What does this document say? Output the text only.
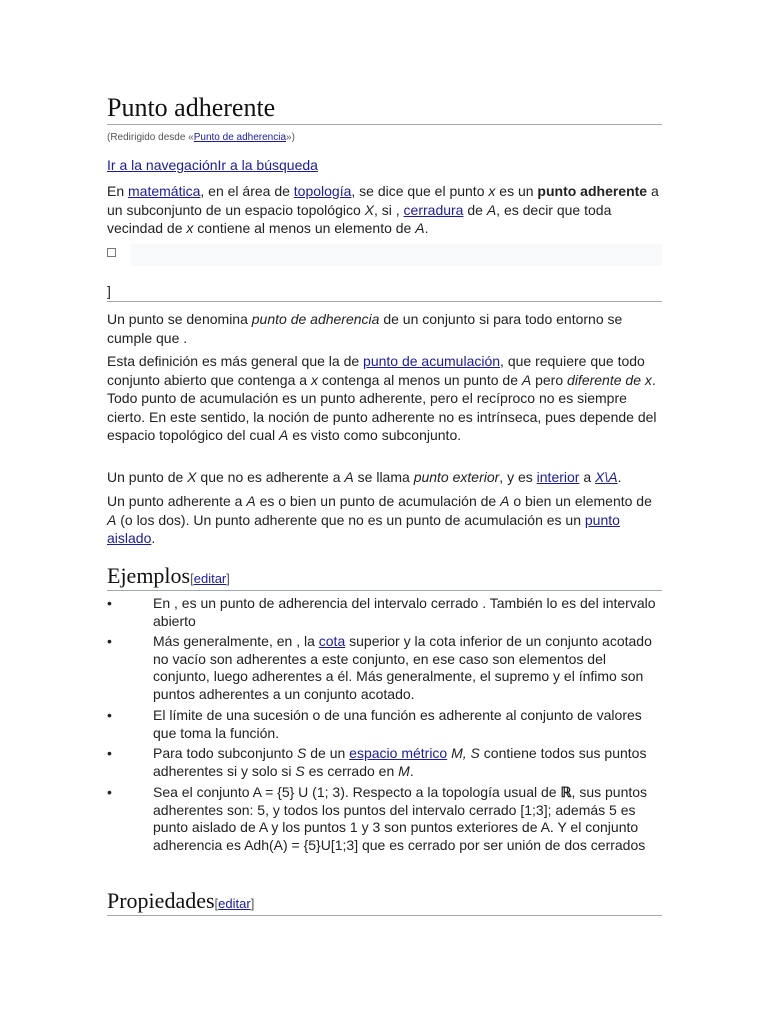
Punto adherente
(Redirigido desde «Punto de adherencia»)
Ir a la navegaciónIr a la búsqueda
En matemática, en el área de topología, se dice que el punto x es un punto adherente a un subconjunto de un espacio topológico X, si , cerradura de A, es decir que toda vecindad de x contiene al menos un elemento de A.
]
Un punto se denomina punto de adherencia de un conjunto si para todo entorno se cumple que .
Esta definición es más general que la de punto de acumulación, que requiere que todo conjunto abierto que contenga a x contenga al menos un punto de A pero diferente de x. Todo punto de acumulación es un punto adherente, pero el recíproco no es siempre cierto. En este sentido, la noción de punto adherente no es intrínseca, pues depende del espacio topológico del cual A es visto como subconjunto.
Un punto de X que no es adherente a A se llama punto exterior, y es interior a X\A.
Un punto adherente a A es o bien un punto de acumulación de A o bien un elemento de A (o los dos). Un punto adherente que no es un punto de acumulación es un punto aislado.
Ejemplos[editar]
•	En , es un punto de adherencia del intervalo cerrado . También lo es del intervalo abierto
•	Más generalmente, en , la cota superior y la cota inferior de un conjunto acotado no vacío son adherentes a este conjunto, en ese caso son elementos del conjunto, luego adherentes a él. Más generalmente, el supremo y el ínfimo son puntos adherentes a un conjunto acotado.
•	El límite de una sucesión o de una función es adherente al conjunto de valores que toma la función.
•	Para todo subconjunto S de un espacio métrico M, S contiene todos sus puntos adherentes si y solo si S es cerrado en M.
•	Sea el conjunto A = {5} U (1; 3). Respecto a la topología usual de ℝ, sus puntos adherentes son: 5, y todos los puntos del intervalo cerrado [1;3]; además 5 es punto aislado de A y los puntos 1 y 3 son puntos exteriores de A. Y el conjunto adherencia es Adh(A) = {5}U[1;3] que es cerrado por ser unión de dos cerrados
Propiedades[editar]
